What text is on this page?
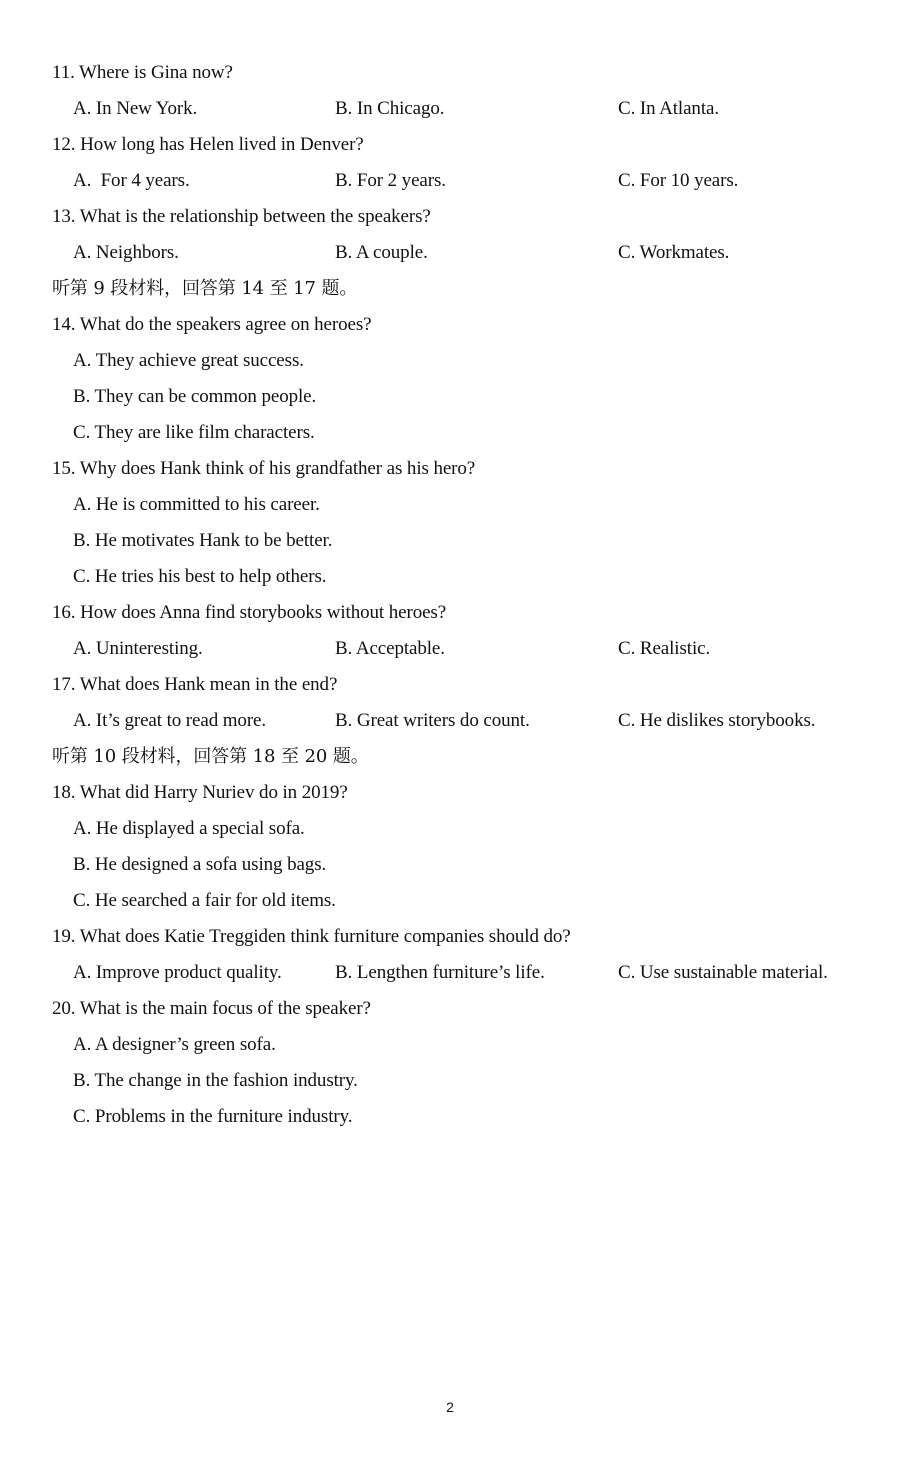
11. Where is Gina now?
A. In New York.	B. In Chicago.	C. In Atlanta.
12. How long has Helen lived in Denver?
A.  For 4 years.	B. For 2 years.	C. For 10 years.
13. What is the relationship between the speakers?
A. Neighbors.	B. A couple.	C. Workmates.
听第 9 段材料，回答第 14 至 17 题。
14. What do the speakers agree on heroes?
A. They achieve great success.
B. They can be common people.
C. They are like film characters.
15. Why does Hank think of his grandfather as his hero?
A. He is committed to his career.
B. He motivates Hank to be better.
C. He tries his best to help others.
16. How does Anna find storybooks without heroes?
A. Uninteresting.	B. Acceptable.	C. Realistic.
17. What does Hank mean in the end?
A. It’s great to read more.	B. Great writers do count.	C. He dislikes storybooks.
听第 10 段材料，回答第 18 至 20 题。
18. What did Harry Nuriev do in 2019?
A. He displayed a special sofa.
B. He designed a sofa using bags.
C. He searched a fair for old items.
19. What does Katie Treggiden think furniture companies should do?
A. Improve product quality.	B. Lengthen furniture’s life.	C. Use sustainable material.
20. What is the main focus of the speaker?
A. A designer’s green sofa.
B. The change in the fashion industry.
C. Problems in the furniture industry.
2
